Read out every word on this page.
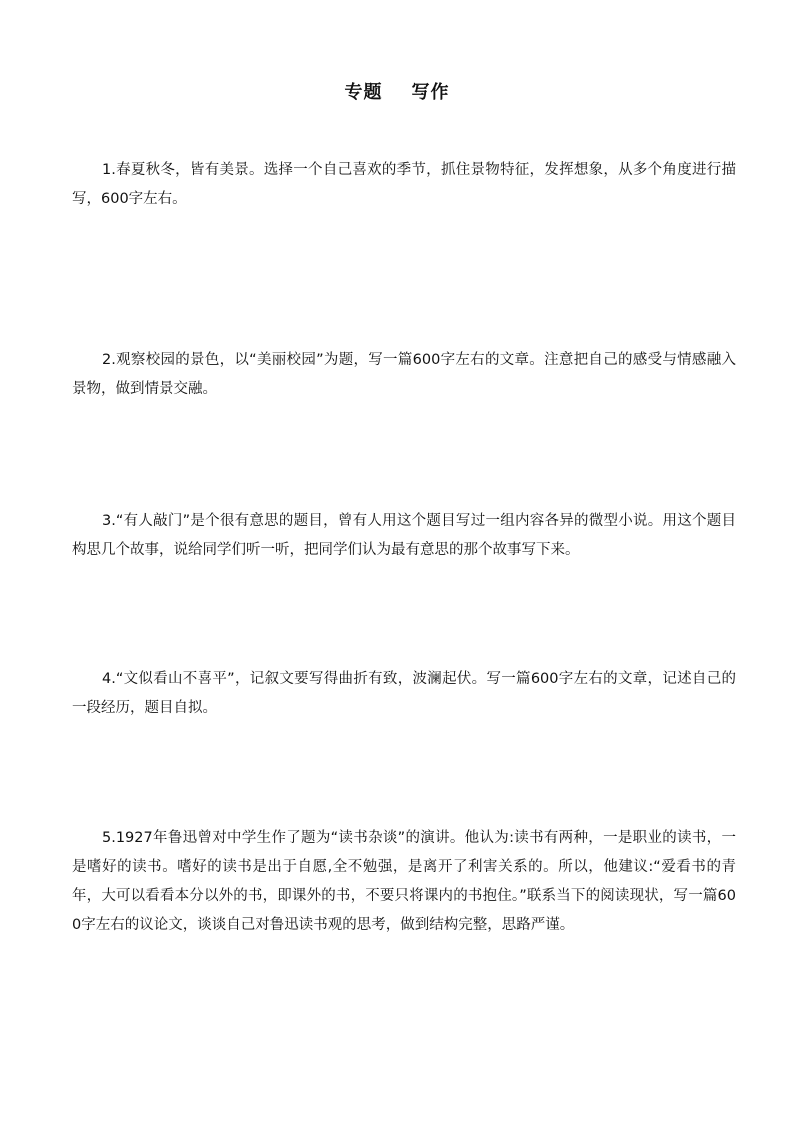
专题    写作

1.春夏秋冬，皆有美景。选择一个自己喜欢的季节，抓住景物特征，发挥想象，从多个角度进行描写，600字左右。

2.观察校园的景色，以“美丽校园”为题，写一篇600字左右的文章。注意把自己的感受与情感融入景物，做到情景交融。

3.“有人敲门”是个很有意思的题目，曾有人用这个题目写过一组内容各异的微型小说。用这个题目构思几个故事，说给同学们听一听，把同学们认为最有意思的那个故事写下来。

4.“文似看山不喜平”，记叙文要写得曲折有致，波澜起伏。写一篇600字左右的文章，记述自己的一段经历，题目自拟。

5.1927年鲁迅曾对中学生作了题为“读书杂谈”的演讲。他认为:读书有两种，一是职业的读书，一是嗜好的读书。嗜好的读书是出于自愿,全不勉强，是离开了利害关系的。所以，他建议:“爱看书的青年，大可以看看本分以外的书，即课外的书，不要只将课内的书抱住。”联系当下的阅读现状，写一篇600字左右的议论文，谈谈自己对鲁迅读书观的思考，做到结构完整，思路严谨。
